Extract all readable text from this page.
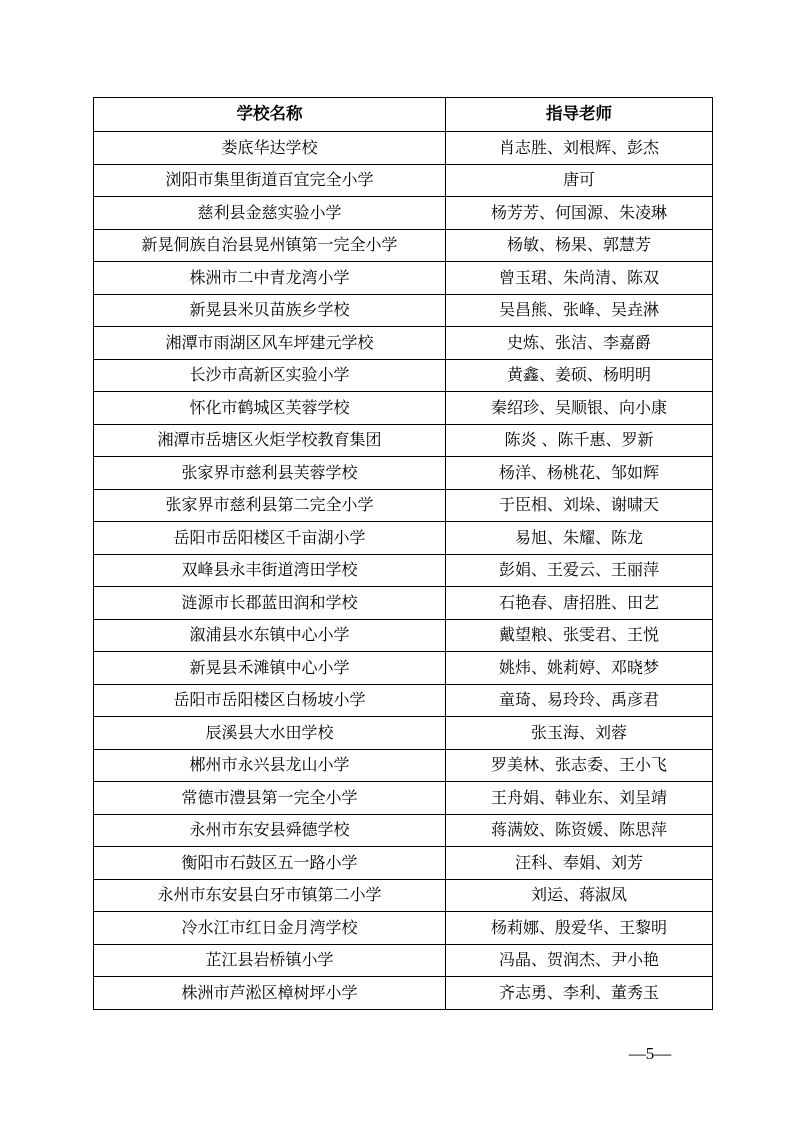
学校名称	指导老师
娄底华达学校	肖志胜、刘根辉、彭杰
浏阳市集里街道百宜完全小学	唐可
慈利县金慈实验小学	杨芳芳、何国源、朱凌琳
新晃侗族自治县晃州镇第一完全小学	杨敏、杨果、郭慧芳
株洲市二中青龙湾小学	曾玉珺、朱尚清、陈双
新晃县米贝苗族乡学校	吴昌熊、张峰、吴垚淋
湘潭市雨湖区风车坪建元学校	史炼、张洁、李嘉爵
长沙市高新区实验小学	黄鑫、姜硕、杨明明
怀化市鹤城区芙蓉学校	秦绍珍、吴顺银、向小康
湘潭市岳塘区火炬学校教育集团	陈炎 、陈千惠、罗新
张家界市慈利县芙蓉学校	杨洋、杨桃花、邹如辉
张家界市慈利县第二完全小学	于臣相、刘垛、谢啸天
岳阳市岳阳楼区千亩湖小学	易旭、朱耀、陈龙
双峰县永丰街道湾田学校	彭娟、王爱云、王丽萍
涟源市长郡蓝田润和学校	石艳春、唐招胜、田艺
溆浦县水东镇中心小学	戴望粮、张雯君、王悦
新晃县禾滩镇中心小学	姚炜、姚莉婷、邓晓梦
岳阳市岳阳楼区白杨坡小学	童琦、易玲玲、禹彦君
辰溪县大水田学校	张玉海、刘蓉
郴州市永兴县龙山小学	罗美林、张志委、王小飞
常德市澧县第一完全小学	王舟娟、韩业东、刘呈靖
永州市东安县舜德学校	蒋满姣、陈资媛、陈思萍
衡阳市石鼓区五一路小学	汪科、奉娟、刘芳
永州市东安县白牙市镇第二小学	刘运、蒋淑凤
冷水江市红日金月湾学校	杨莉娜、殷爱华、王黎明
芷江县岩桥镇小学	冯晶、贺润杰、尹小艳
株洲市芦淞区樟树坪小学	齐志勇、李利、董秀玉
—5—
